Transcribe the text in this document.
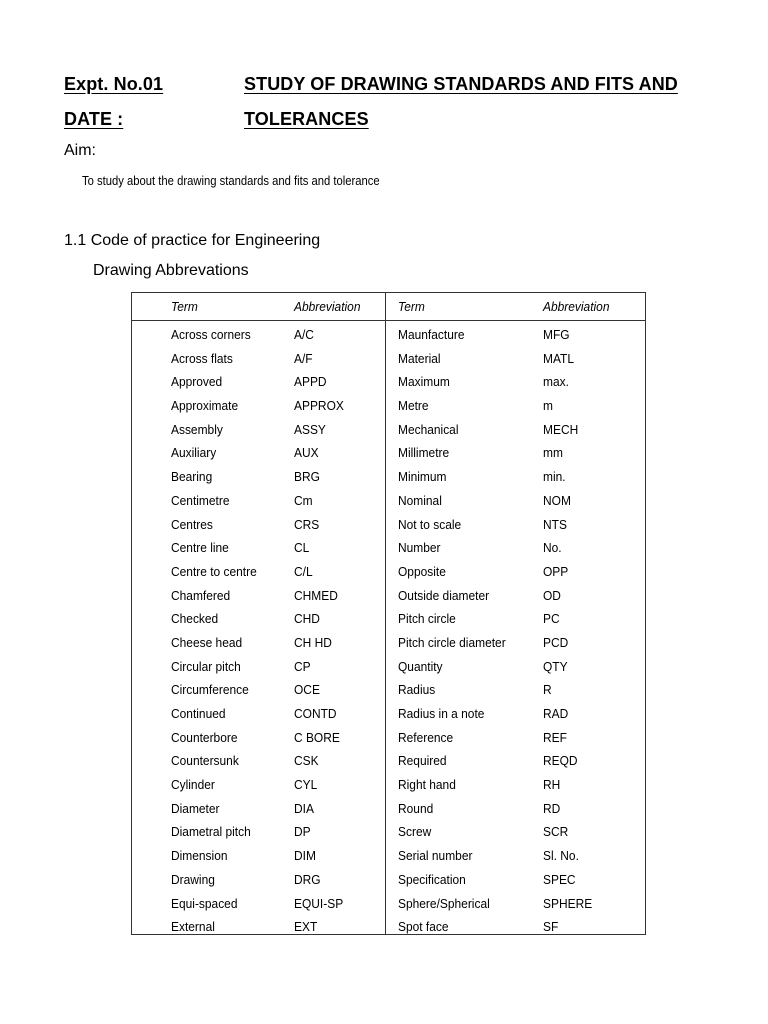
Expt. No.01	STUDY OF DRAWING STANDARDS AND FITS AND
DATE :	TOLERANCES
Aim:
To study about the drawing standards and fits and tolerance
1.1 Code of practice for Engineering
Drawing Abbrevations
Term	Abbreviation	Term	Abbreviation
Across corners	A/C	Maunfacture	MFG
Across flats	A/F	Material	MATL
Approved	APPD	Maximum	max.
Approximate	APPROX	Metre	m
Assembly	ASSY	Mechanical	MECH
Auxiliary	AUX	Millimetre	mm
Bearing	BRG	Minimum	min.
Centimetre	Cm	Nominal	NOM
Centres	CRS	Not to scale	NTS
Centre line	CL	Number	No.
Centre to centre	C/L	Opposite	OPP
Chamfered	CHMED	Outside diameter	OD
Checked	CHD	Pitch circle	PC
Cheese head	CH HD	Pitch circle diameter	PCD
Circular pitch	CP	Quantity	QTY
Circumference	OCE	Radius	R
Continued	CONTD	Radius in a note	RAD
Counterbore	C BORE	Reference	REF
Countersunk	CSK	Required	REQD
Cylinder	CYL	Right hand	RH
Diameter	DIA	Round	RD
Diametral pitch	DP	Screw	SCR
Dimension	DIM	Serial number	Sl. No.
Drawing	DRG	Specification	SPEC
Equi-spaced	EQUI-SP	Sphere/Spherical	SPHERE
External	EXT	Spot face	SF
